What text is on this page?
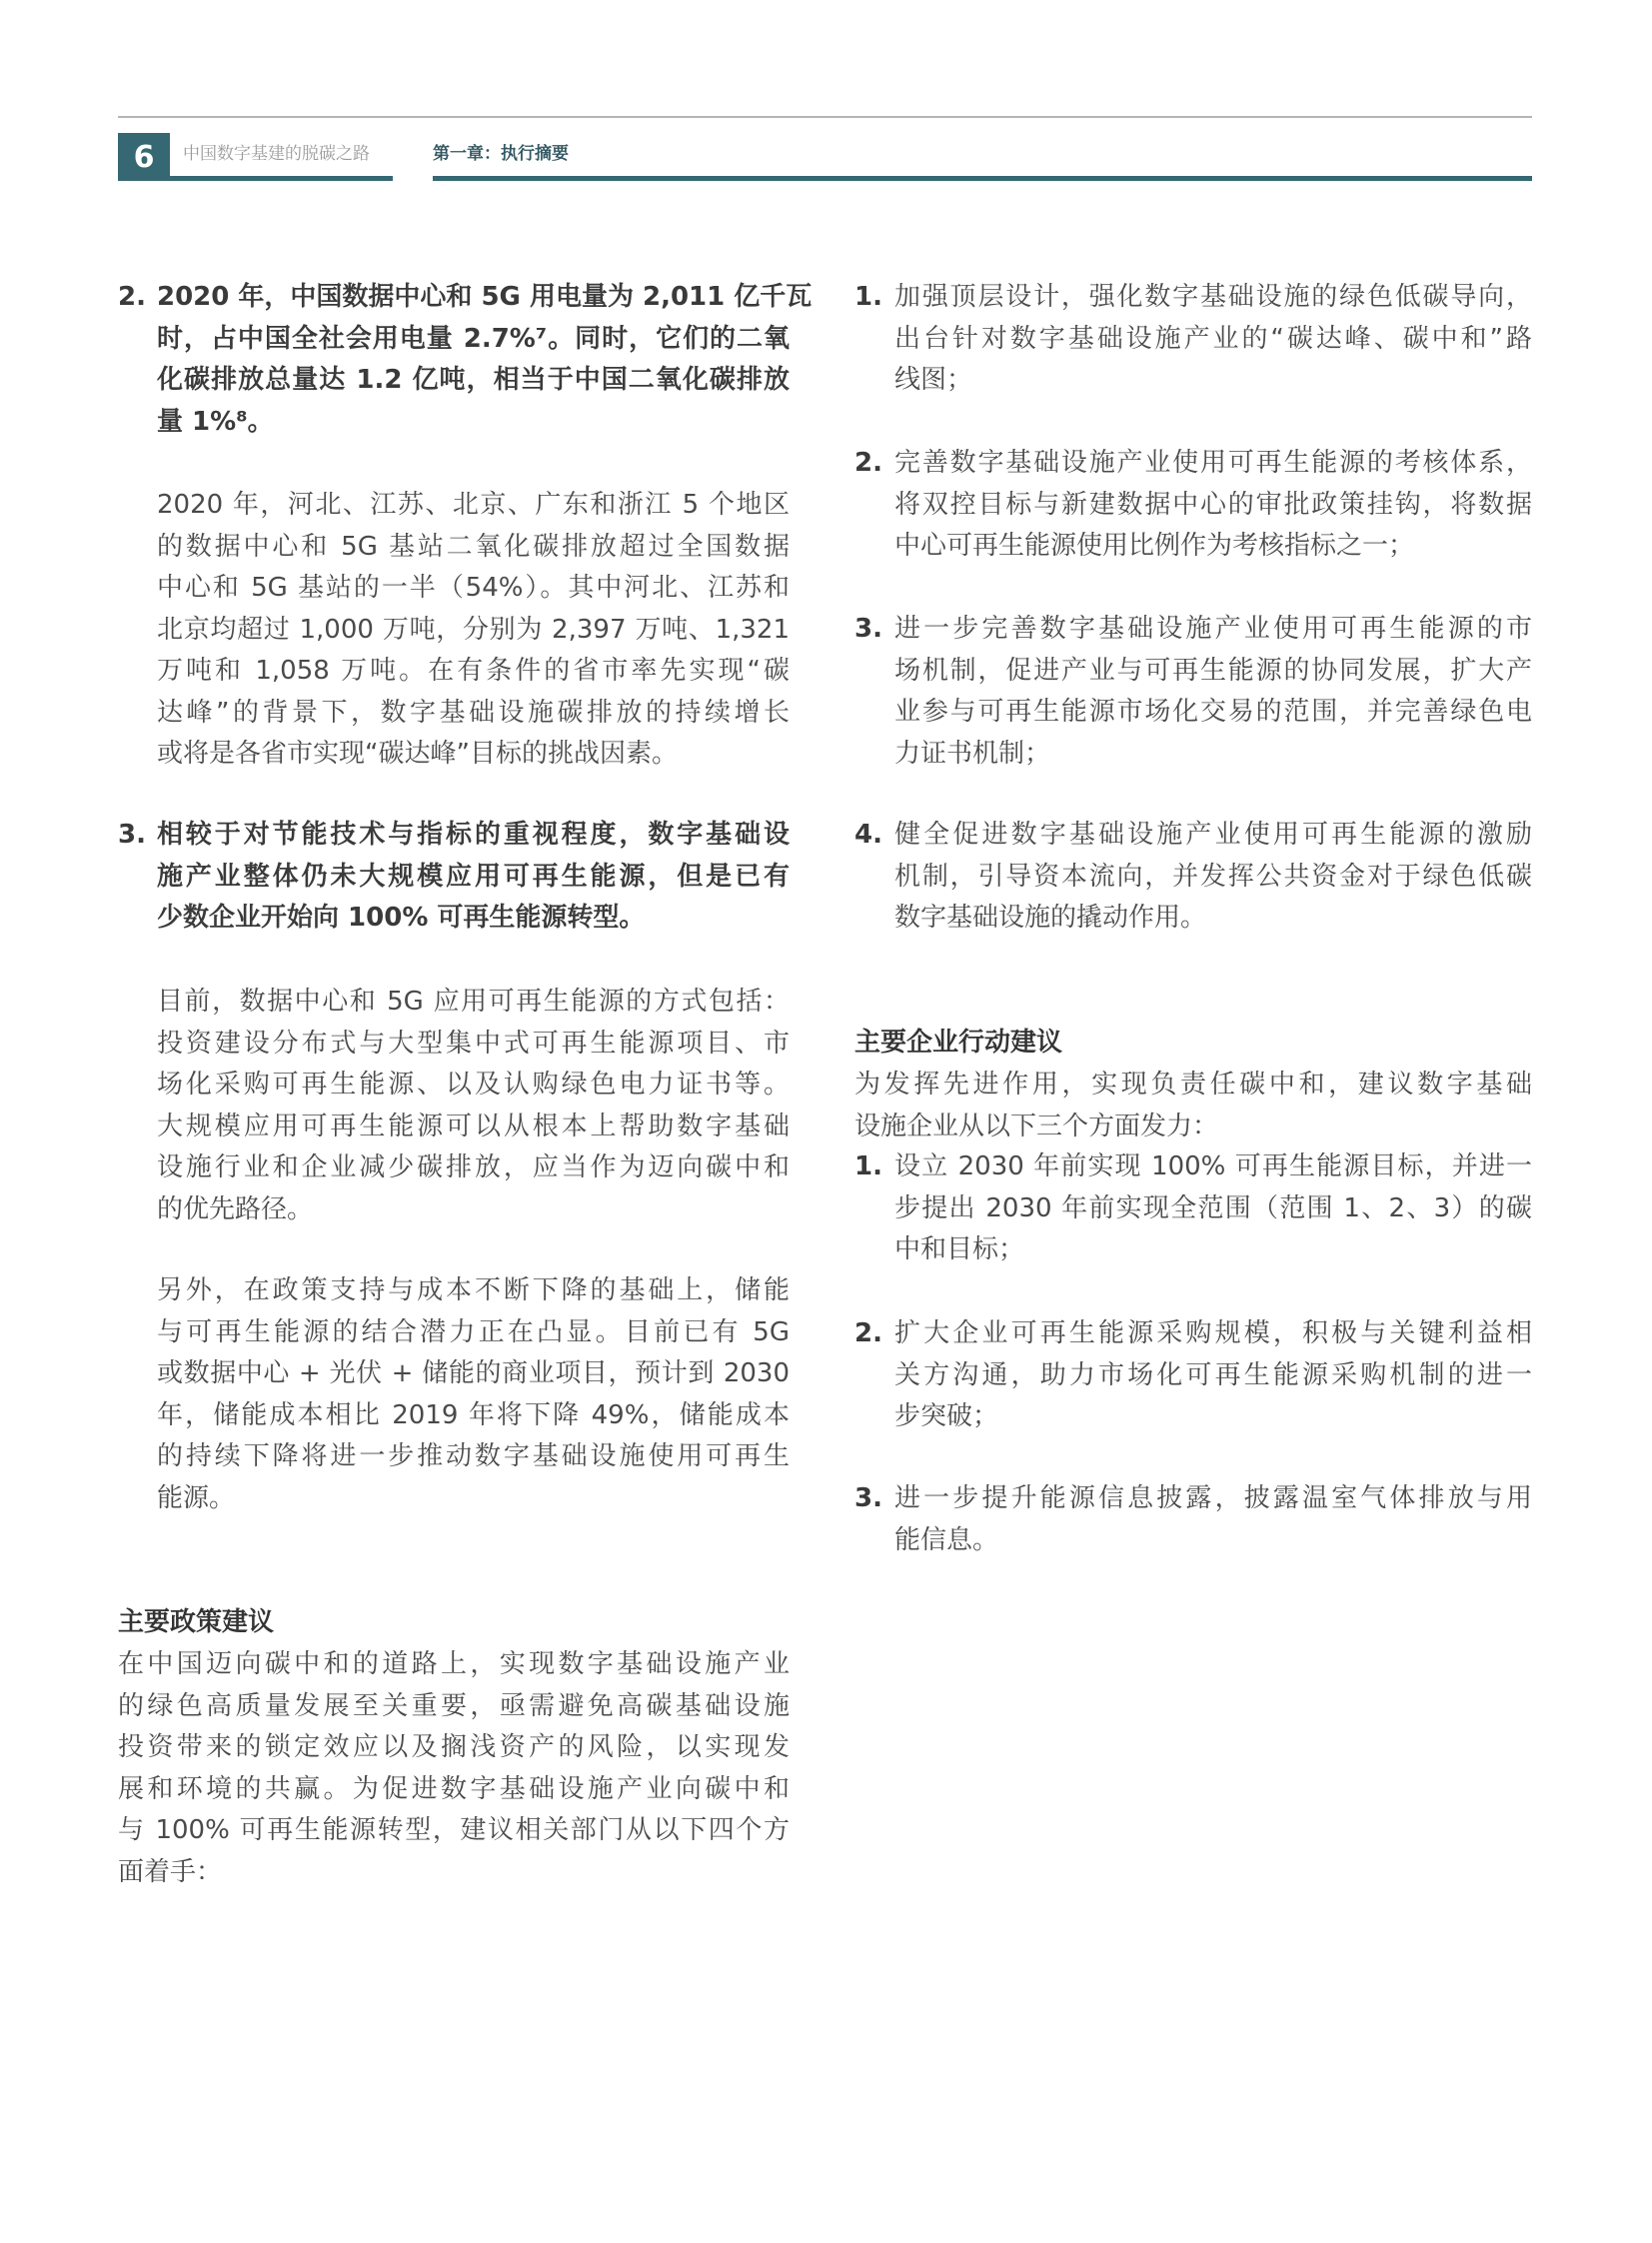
6	中国数字基建的脱碳之路	第一章：执行摘要
2. 2020 年，中国数据中心和 5G 用电量为 2,011 亿千瓦
时，占中国全社会用电量 2.7%⁷。同时，它们的二氧
化碳排放总量达 1.2 亿吨，相当于中国二氧化碳排放
量 1%⁸。
2020 年，河北、江苏、北京、广东和浙江 5 个地区
的数据中心和 5G 基站二氧化碳排放超过全国数据
中心和 5G 基站的一半（54%）。其中河北、江苏和
北京均超过 1,000 万吨，分别为 2,397 万吨、1,321
万吨和 1,058 万吨。在有条件的省市率先实现“碳
达峰”的背景下，数字基础设施碳排放的持续增长
或将是各省市实现“碳达峰”目标的挑战因素。
3. 相较于对节能技术与指标的重视程度，数字基础设
施产业整体仍未大规模应用可再生能源，但是已有
少数企业开始向 100% 可再生能源转型。
目前，数据中心和 5G 应用可再生能源的方式包括：
投资建设分布式与大型集中式可再生能源项目、市
场化采购可再生能源、以及认购绿色电力证书等。
大规模应用可再生能源可以从根本上帮助数字基础
设施行业和企业减少碳排放，应当作为迈向碳中和
的优先路径。
另外，在政策支持与成本不断下降的基础上，储能
与可再生能源的结合潜力正在凸显。目前已有 5G
或数据中心 + 光伏 + 储能的商业项目，预计到 2030
年，储能成本相比 2019 年将下降 49%，储能成本
的持续下降将进一步推动数字基础设施使用可再生
能源。
主要政策建议
在中国迈向碳中和的道路上，实现数字基础设施产业
的绿色高质量发展至关重要，亟需避免高碳基础设施
投资带来的锁定效应以及搁浅资产的风险，以实现发
展和环境的共赢。为促进数字基础设施产业向碳中和
与 100% 可再生能源转型，建议相关部门从以下四个方
面着手：
1. 加强顶层设计，强化数字基础设施的绿色低碳导向，
出台针对数字基础设施产业的“碳达峰、碳中和”路
线图；
2. 完善数字基础设施产业使用可再生能源的考核体系，
将双控目标与新建数据中心的审批政策挂钩，将数据
中心可再生能源使用比例作为考核指标之一；
3. 进一步完善数字基础设施产业使用可再生能源的市
场机制，促进产业与可再生能源的协同发展，扩大产
业参与可再生能源市场化交易的范围，并完善绿色电
力证书机制；
4. 健全促进数字基础设施产业使用可再生能源的激励
机制，引导资本流向，并发挥公共资金对于绿色低碳
数字基础设施的撬动作用。
主要企业行动建议
为发挥先进作用，实现负责任碳中和，建议数字基础
设施企业从以下三个方面发力：
1. 设立 2030 年前实现 100% 可再生能源目标，并进一
步提出 2030 年前实现全范围（范围 1、2、3）的碳
中和目标；
2. 扩大企业可再生能源采购规模，积极与关键利益相
关方沟通，助力市场化可再生能源采购机制的进一
步突破；
3. 进一步提升能源信息披露，披露温室气体排放与用
能信息。
